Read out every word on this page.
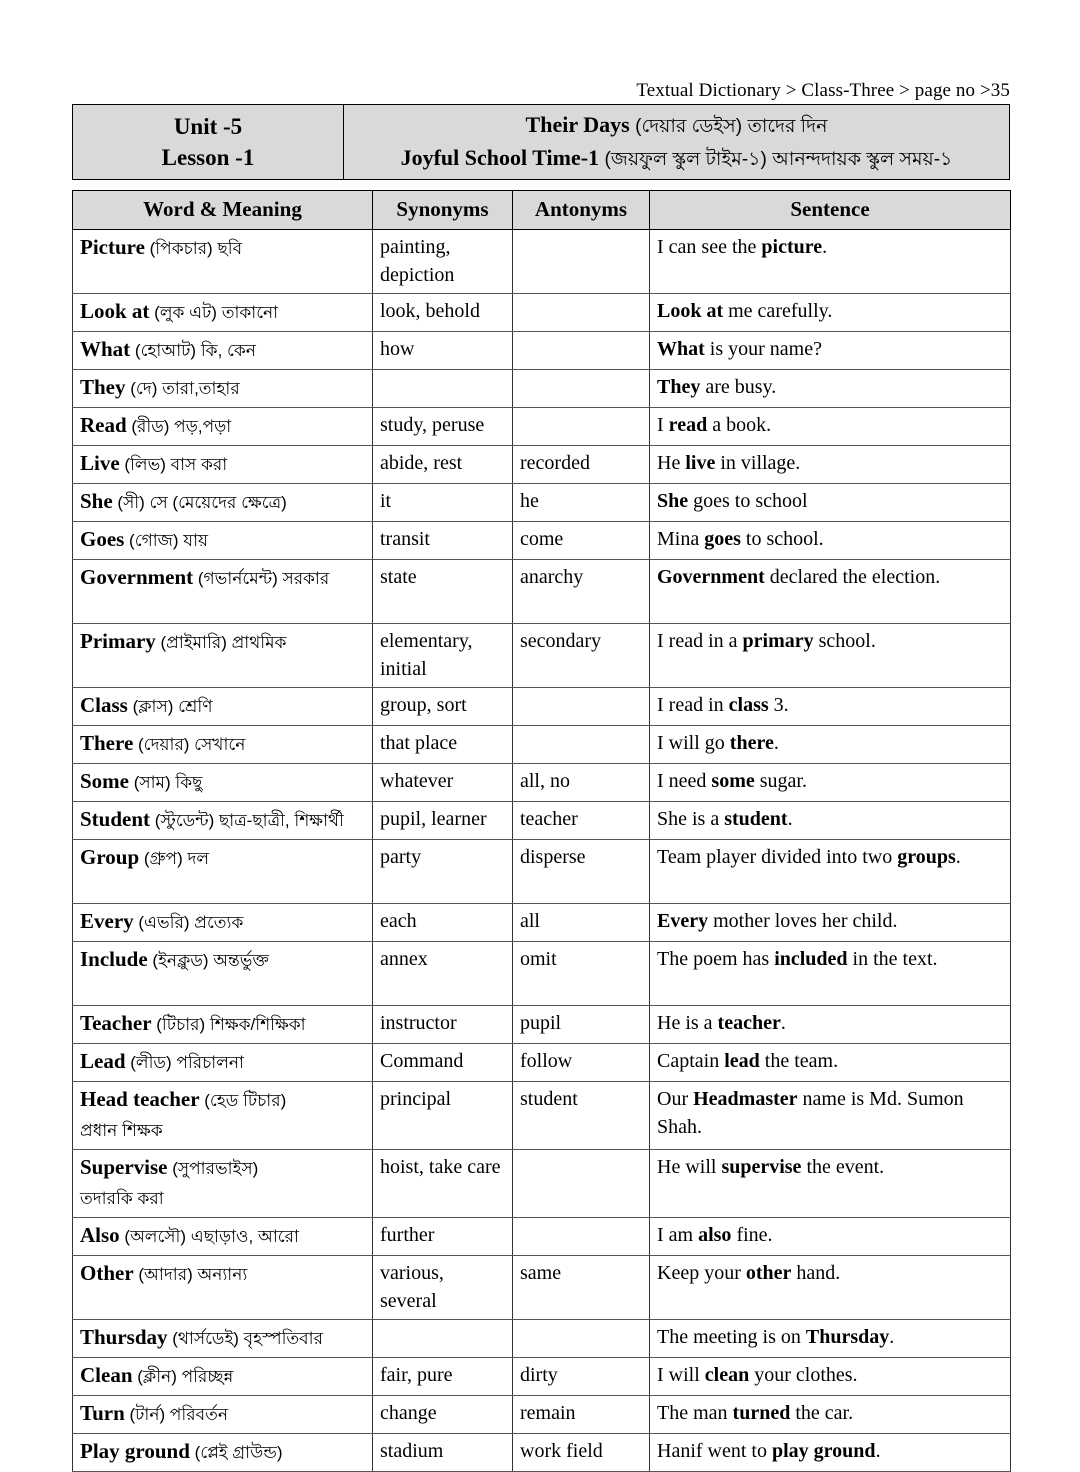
Textual Dictionary > Class-Three > page no >35
Unit -5
Lesson -1

Their Days (দেয়ার ডেইস) তাদের দিন
Joyful School Time-1 (জয়ফুল স্কুল টাইম-১) আনন্দদায়ক স্কুল সময়-১
Word & Meaning	Synonyms	Antonyms	Sentence
Picture (পিকচার) ছবি	painting, depiction		I can see the picture.
Look at (লুক এট) তাকানো	look, behold		Look at me carefully.
What (হোআট) কি, কেন	how		What is your name?
They (দে) তারা,তাহার			They are busy.
Read (রীড) পড়,পড়া	study, peruse		I read a book.
Live (লিভ) বাস করা	abide, rest	recorded	He live in village.
She (সী) সে (মেয়েদের ক্ষেত্রে)	it	he	She goes to school
Goes (গোজ) যায়	transit	come	Mina goes to school.
Government (গভার্নমেন্ট) সরকার	state	anarchy	Government declared the election.
Primary (প্রাইমারি) প্রাথমিক	elementary, initial	secondary	I read in a primary school.
Class (ক্লাস) শ্রেণি	group, sort		I read in class 3.
There (দেয়ার) সেখানে	that place		I will go there.
Some (সাম) কিছু	whatever	all, no	I need some sugar.
Student (স্টুডেন্ট) ছাত্র-ছাত্রী, শিক্ষার্থী	pupil, learner	teacher	She is a student.
Group (গ্রুপ) দল	party	disperse	Team player divided into two groups.
Every (এভরি) প্রত্যেক	each	all	Every mother loves her child.
Include (ইনক্লুড) অন্তর্ভুক্ত	annex	omit	The poem has included in the text.
Teacher (টিচার) শিক্ষক/শিক্ষিকা	instructor	pupil	He is a teacher.
Lead (লীড) পরিচালনা	Command	follow	Captain lead the team.
Head teacher (হেড টিচার)
প্রধান শিক্ষক	principal	student	Our Headmaster name is Md. Sumon Shah.
Supervise (সুপারভাইস)
তদারকি করা	hoist, take care		He will supervise the event.
Also (অলসৌ) এছাড়াও, আরো	further		I am also fine.
Other (আদার) অন্যান্য	various, several	same	Keep your other hand.
Thursday (থার্সডেই) বৃহস্পতিবার			The meeting is on Thursday.
Clean (ক্লীন) পরিচ্ছন্ন	fair, pure	dirty	I will clean your clothes.
Turn (টার্ন) পরিবর্তন	change	remain	The man turned the car.
Play ground (প্লেই গ্রাউন্ড)	stadium	work field	Hanif went to play ground.
